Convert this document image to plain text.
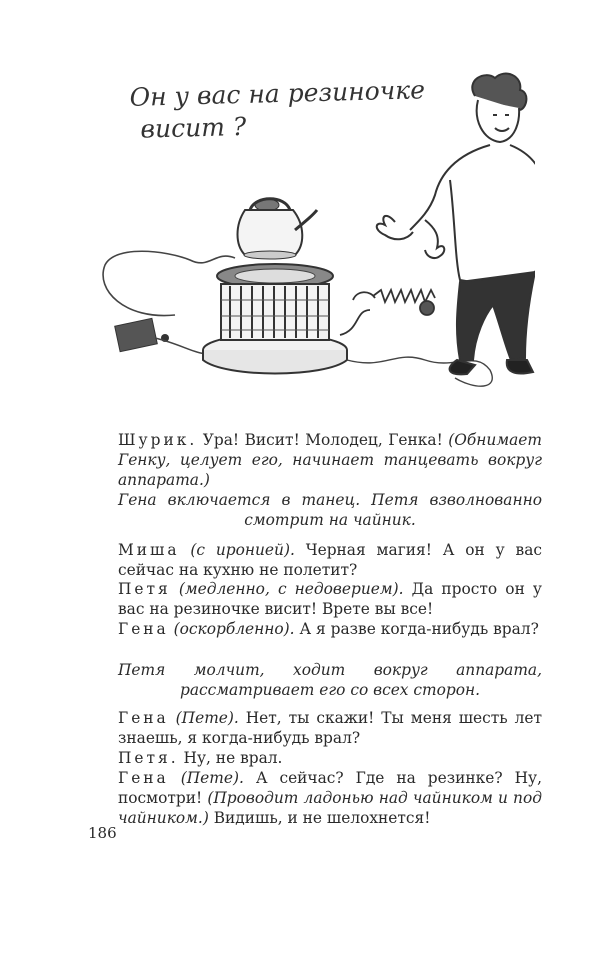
Он у вас на резиночке
висит ?

Шурик. Ура! Висит! Молодец, Генка! (Обнимает Генку, целует его, начинает танцевать вокруг аппарата.)

Гена включается в танец. Петя взволнованно смотрит на чайник.

Миша (с иронией). Черная магия! А он у вас сейчас на кухню не полетит?

Петя (медленно, с недоверием). Да просто он у вас на резиночке висит! Врете вы все!

Гена (оскорбленно). А я разве когда-нибудь врал?

Петя молчит, ходит вокруг аппарата, рассматривает его со всех сторон.

Гена (Пете). Нет, ты скажи! Ты меня шесть лет знаешь, я когда-нибудь врал?

Петя. Ну, не врал.

Гена (Пете). А сейчас? Где на резинке? Ну, посмотри! (Проводит ладонью над чайником и под чайником.) Видишь, и не шелохнется!

186
